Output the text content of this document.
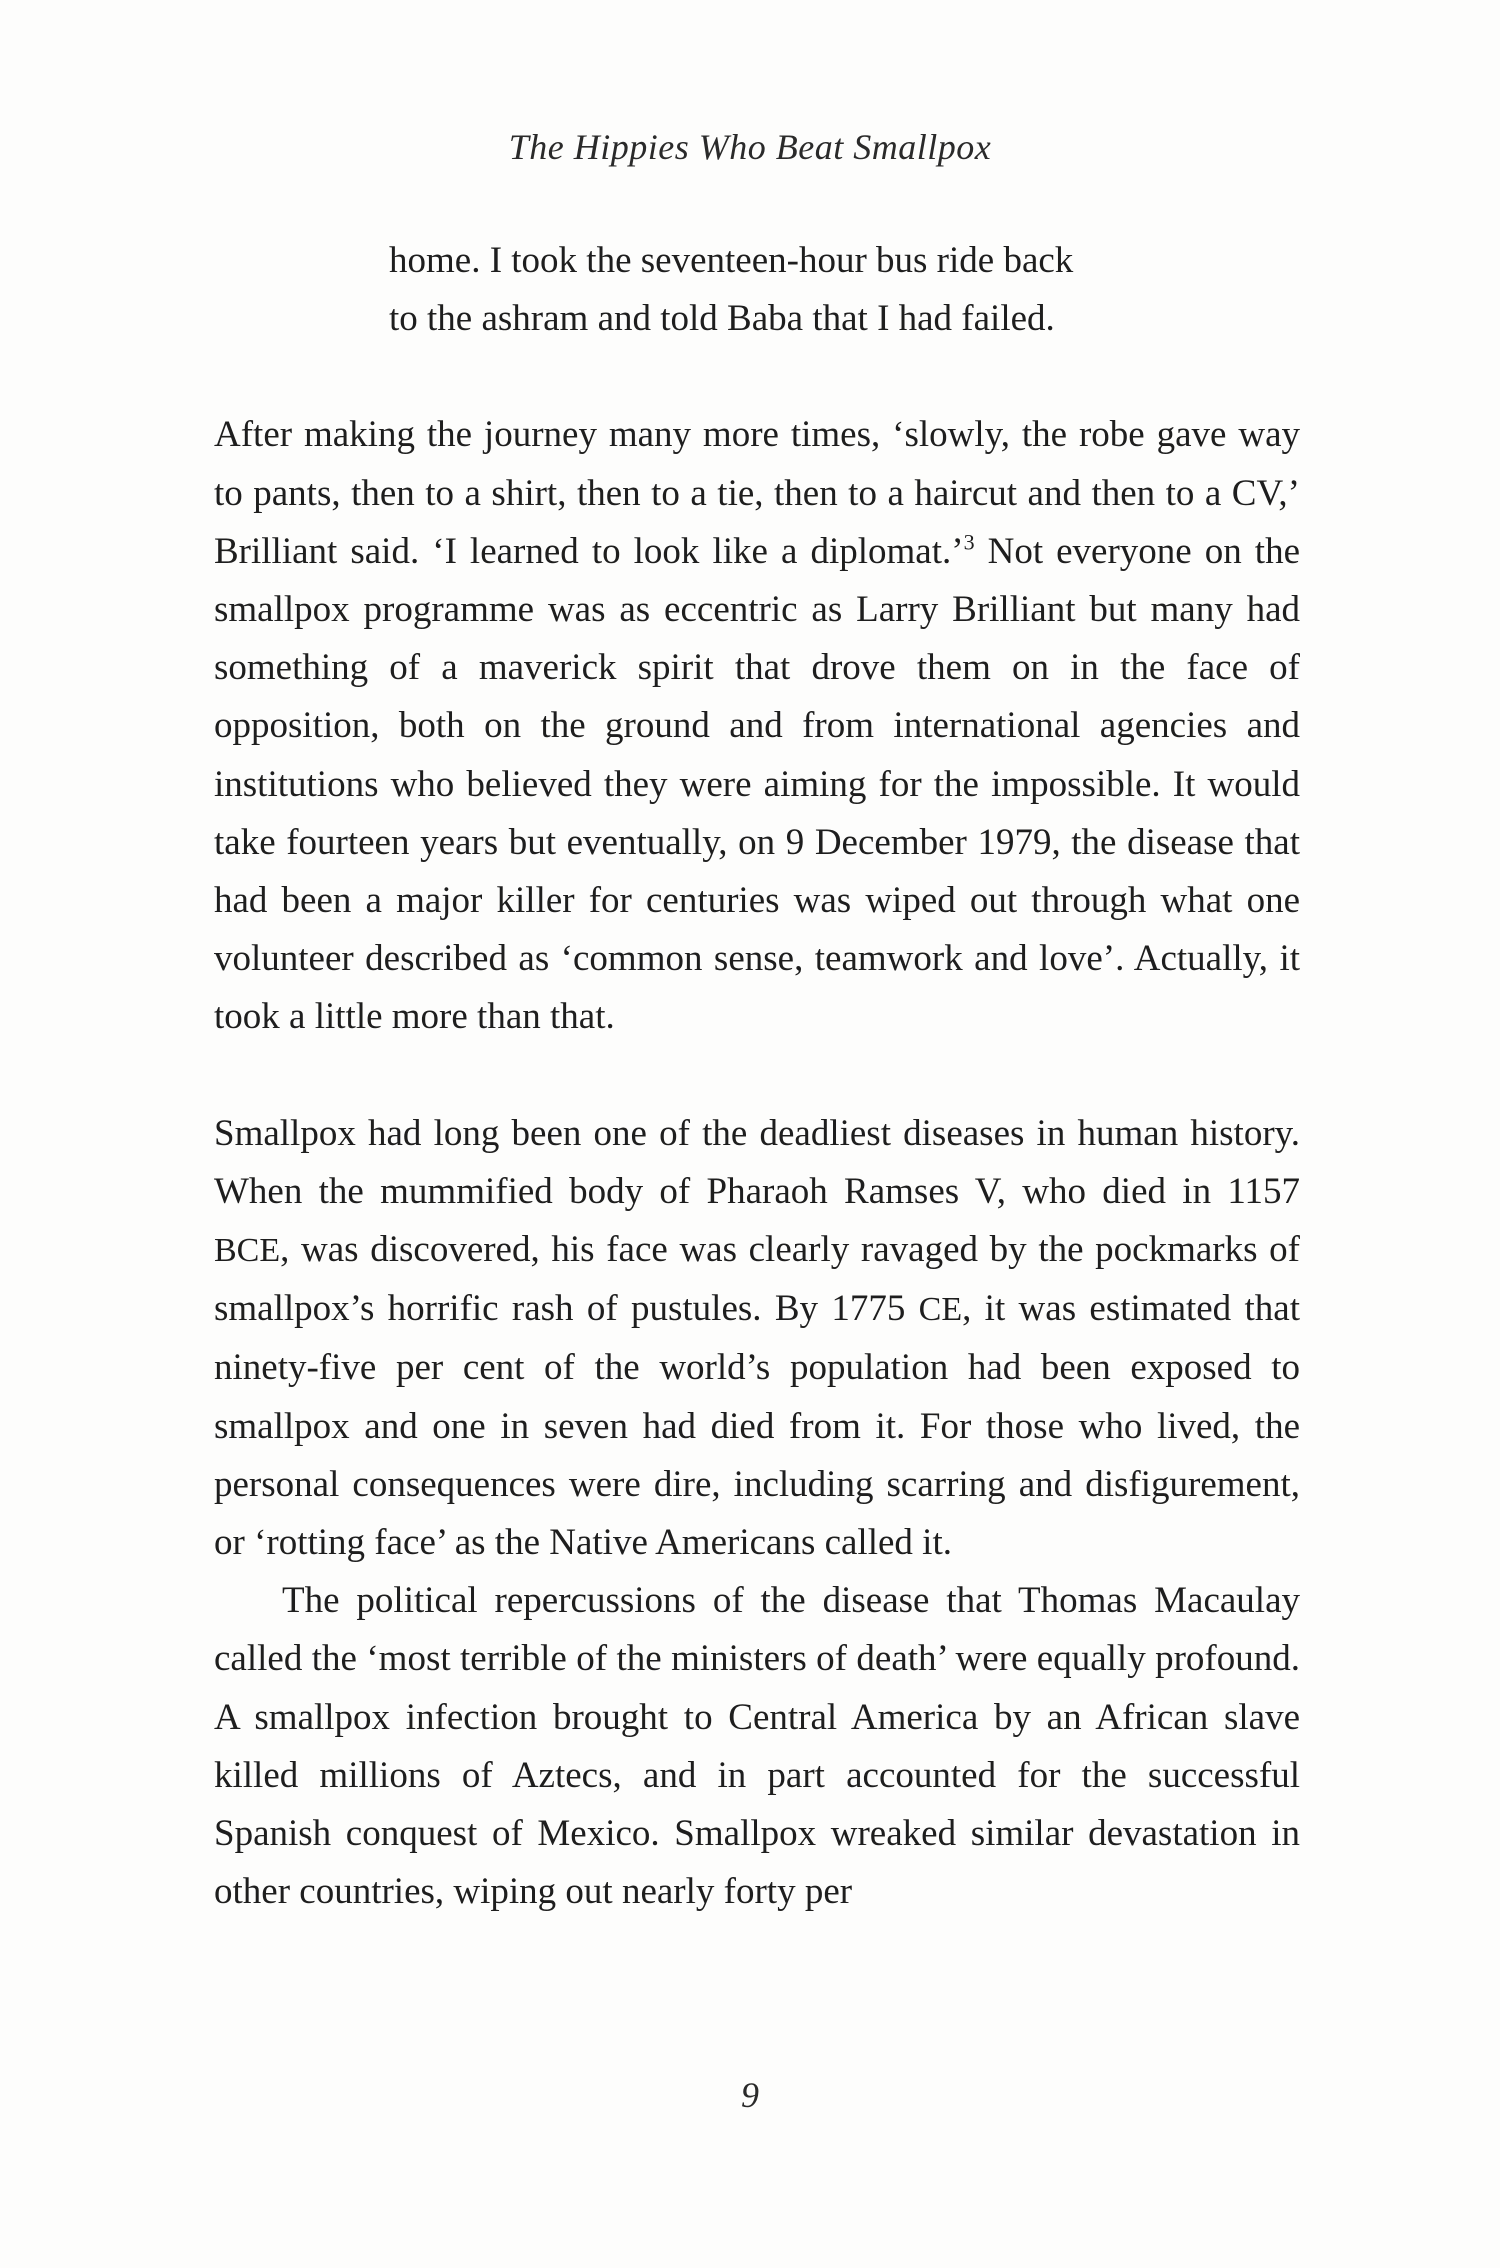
The Hippies Who Beat Smallpox

home. I took the seventeen-hour bus ride back

to the ashram and told Baba that I had failed.

After making the journey many more times, ‘slowly, the robe gave way to pants, then to a shirt, then to a tie, then to a haircut and then to a CV,’ Brilliant said. ‘I learned to look like a diplomat.’$^3$ Not everyone on the smallpox programme was as eccentric as Larry Brilliant but many had something of a maverick spirit that drove them on in the face of opposition, both on the ground and from international agencies and institutions who believed they were aiming for the impossible. It would take fourteen years but eventually, on 9 December 1979, the disease that had been a major killer for centuries was wiped out through what one volunteer described as ‘common sense, teamwork and love’. Actually, it took a little more than that.

Smallpox had long been one of the deadliest diseases in human history. When the mummified body of Pharaoh Ramses V, who died in 1157 BCE, was discovered, his face was clearly ravaged by the pockmarks of smallpox’s horrific rash of pustules. By 1775 CE, it was estimated that ninety-five per cent of the world’s population had been exposed to smallpox and one in seven had died from it. For those who lived, the personal consequences were dire, including scarring and disfigurement, or ‘rotting face’ as the Native Americans called it.

The political repercussions of the disease that Thomas Macaulay called the ‘most terrible of the ministers of death’ were equally profound. A smallpox infection brought to Central America by an African slave killed millions of Aztecs, and in part accounted for the successful Spanish conquest of Mexico. Smallpox wreaked similar devastation in other countries, wiping out nearly forty per

9
